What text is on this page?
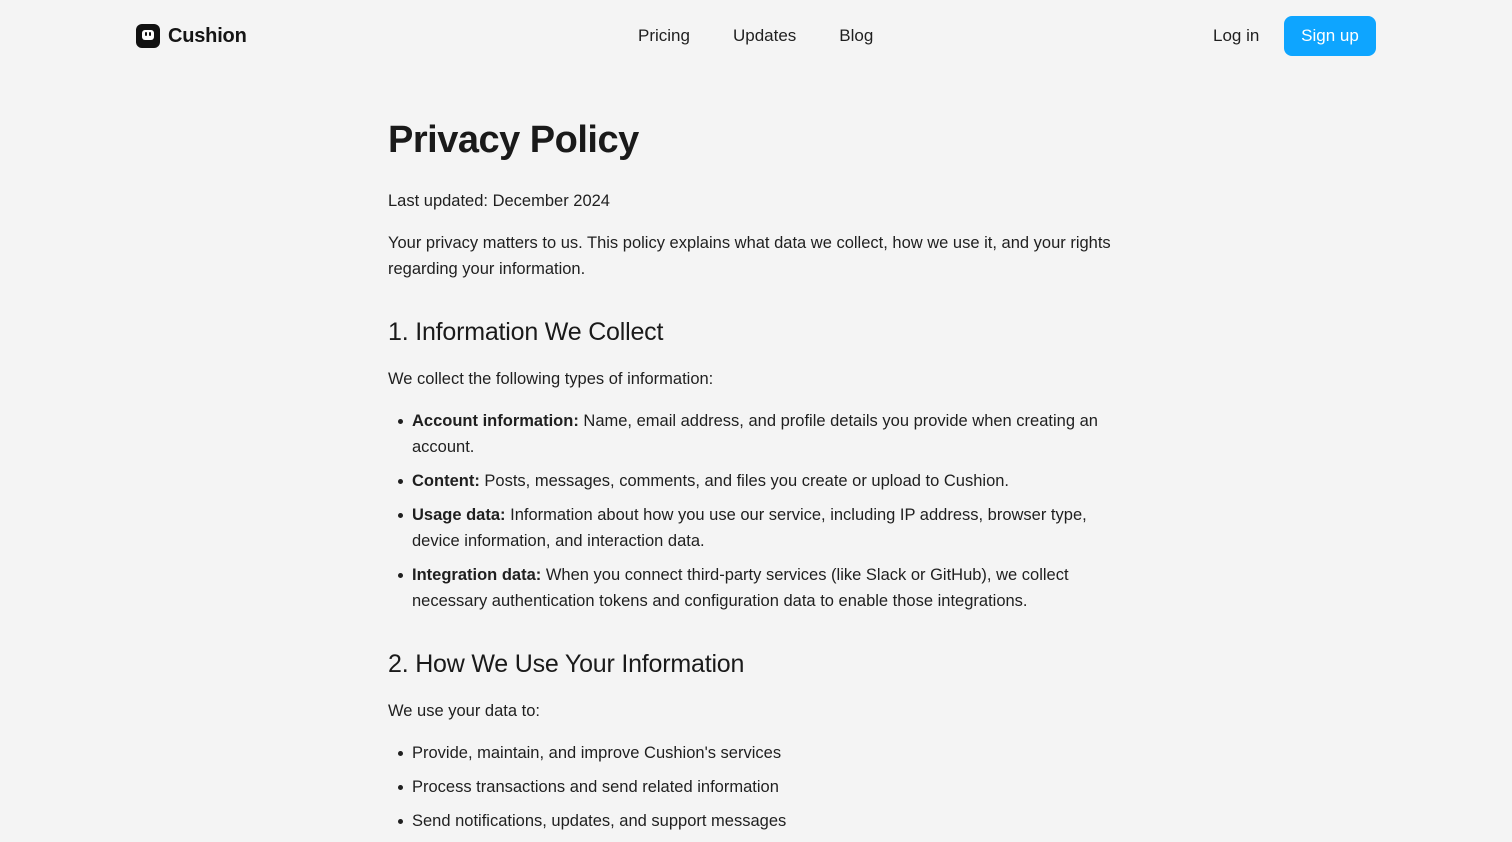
Cushion	Pricing	Updates	Blog	Log in	Sign up
Privacy Policy

Last updated: December 2024

Your privacy matters to us. This policy explains what data we collect, how we use it, and your rights regarding your information.

1. Information We Collect

We collect the following types of information:

Account information: Name, email address, and profile details you provide when creating an account.
Content: Posts, messages, comments, and files you create or upload to Cushion.
Usage data: Information about how you use our service, including IP address, browser type, device information, and interaction data.
Integration data: When you connect third-party services (like Slack or GitHub), we collect necessary authentication tokens and configuration data to enable those integrations.
2. How We Use Your Information

We use your data to:

Provide, maintain, and improve Cushion's services
Process transactions and send related information
Send notifications, updates, and support messages
